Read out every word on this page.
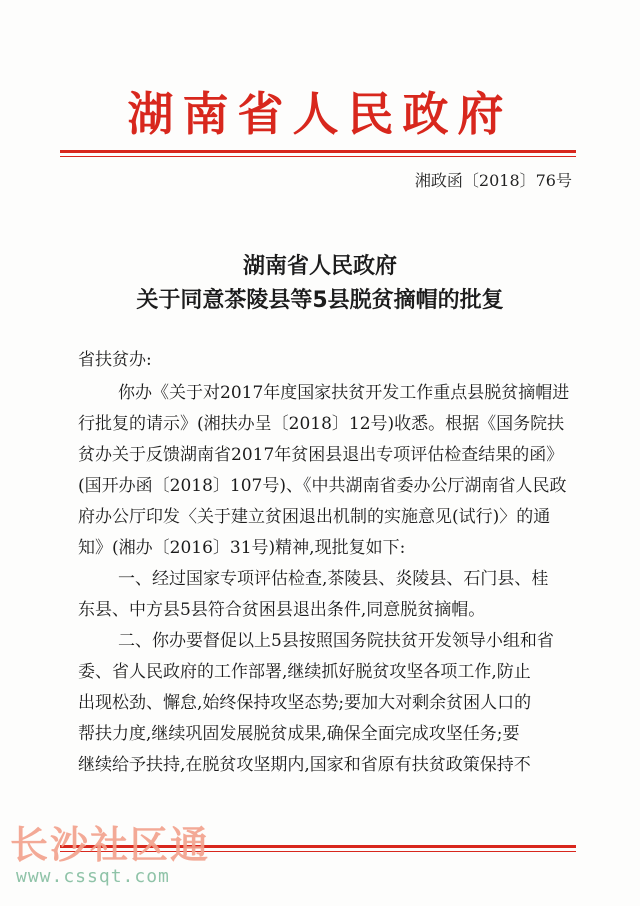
湖南省人民政府
湘政函〔2018〕76号
湖南省人民政府
关于同意茶陵县等5县脱贫摘帽的批复
省扶贫办:
你办《关于对2017年度国家扶贫开发工作重点县脱贫摘帽进
行批复的请示》(湘扶办呈〔2018〕12号)收悉。根据《国务院扶
贫办关于反馈湖南省2017年贫困县退出专项评估检查结果的函》
(国开办函〔2018〕107号)、《中共湖南省委办公厅湖南省人民政
府办公厅印发〈关于建立贫困退出机制的实施意见(试行)〉的通
知》(湘办〔2016〕31号)精神,现批复如下:
一、经过国家专项评估检查,茶陵县、炎陵县、石门县、桂
东县、中方县5县符合贫困县退出条件,同意脱贫摘帽。
二、你办要督促以上5县按照国务院扶贫开发领导小组和省
委、省人民政府的工作部署,继续抓好脱贫攻坚各项工作,防止
出现松劲、懈怠,始终保持攻坚态势;要加大对剩余贫困人口的
帮扶力度,继续巩固发展脱贫成果,确保全面完成攻坚任务;要
继续给予扶持,在脱贫攻坚期内,国家和省原有扶贫政策保持不
长沙社区通
www.cssqt.com
